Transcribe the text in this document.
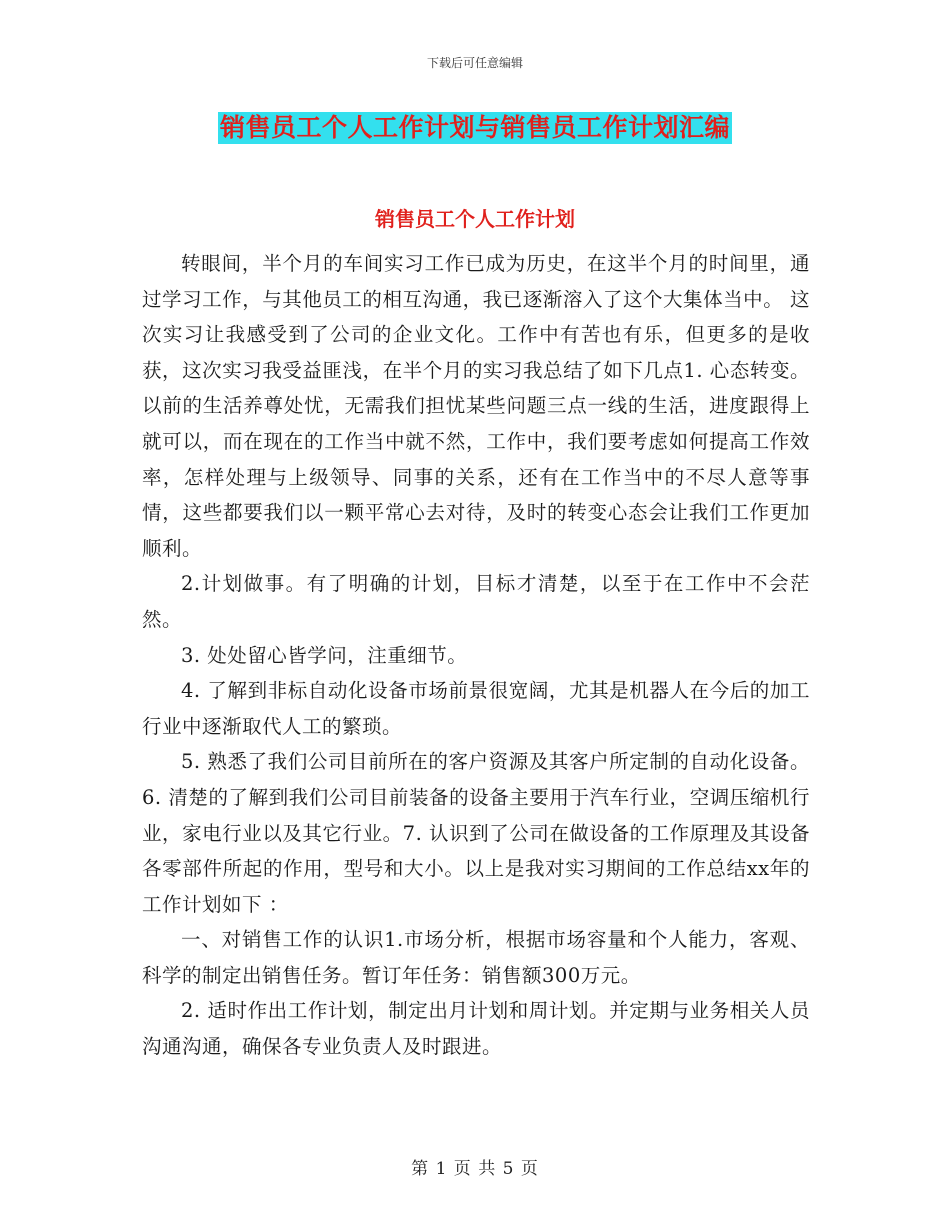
下载后可任意编辑
销售员工个人工作计划与销售员工作计划汇编
销售员工个人工作计划

转眼间，半个月的车间实习工作已成为历史，在这半个月的时间里，通过学习工作，与其他员工的相互沟通，我已逐渐溶入了这个大集体当中。 这次实习让我感受到了公司的企业文化。工作中有苦也有乐，但更多的是收获，这次实习我受益匪浅，在半个月的实习我总结了如下几点1. 心态转变。以前的生活养尊处忧，无需我们担忧某些问题三点一线的生活，进度跟得上就可以，而在现在的工作当中就不然，工作中，我们要考虑如何提高工作效率，怎样处理与上级领导、同事的关系，还有在工作当中的不尽人意等事情，这些都要我们以一颗平常心去对待，及时的转变心态会让我们工作更加顺利。

2.计划做事。有了明确的计划，目标才清楚，以至于在工作中不会茫然。

3. 处处留心皆学问，注重细节。

4. 了解到非标自动化设备市场前景很宽阔，尤其是机器人在今后的加工行业中逐渐取代人工的繁琐。

5. 熟悉了我们公司目前所在的客户资源及其客户所定制的自动化设备。6. 清楚的了解到我们公司目前装备的设备主要用于汽车行业，空调压缩机行业，家电行业以及其它行业。7. 认识到了公司在做设备的工作原理及其设备各零部件所起的作用，型号和大小。以上是我对实习期间的工作总结xx年的工作计划如下 ：

一、对销售工作的认识1.市场分析，根据市场容量和个人能力，客观、科学的制定出销售任务。暂订年任务：销售额300万元。

2. 适时作出工作计划，制定出月计划和周计划。并定期与业务相关人员沟通沟通，确保各专业负责人及时跟进。

第 1 页 共 5 页
